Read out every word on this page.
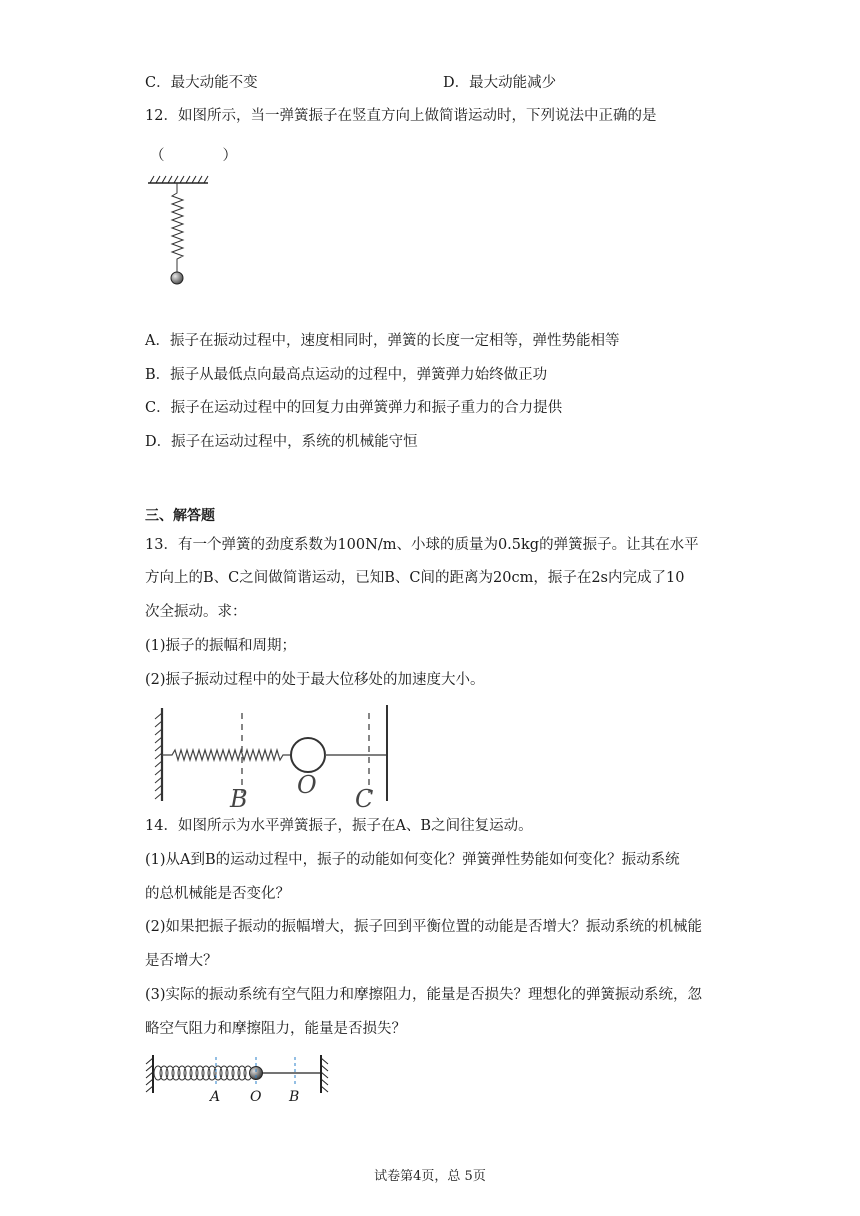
C．最大动能不变	D．最大动能减少
12．如图所示，当一弹簧振子在竖直方向上做简谐运动时，下列说法中正确的是
（　　　　）
A．振子在振动过程中，速度相同时，弹簧的长度一定相等，弹性势能相等
B．振子从最低点向最高点运动的过程中，弹簧弹力始终做正功
C．振子在运动过程中的回复力由弹簧弹力和振子重力的合力提供
D．振子在运动过程中，系统的机械能守恒
三、解答题
13．有一个弹簧的劲度系数为100N/m、小球的质量为0.5kg的弹簧振子。让其在水平
方向上的B、C之间做简谐运动，已知B、C间的距离为20cm，振子在2s内完成了10
次全振动。求：
(1)振子的振幅和周期；
(2)振子振动过程中的处于最大位移处的加速度大小。
B O C
14．如图所示为水平弹簧振子，振子在A、B之间往复运动。
(1)从A到B的运动过程中，振子的动能如何变化？弹簧弹性势能如何变化？振动系统
的总机械能是否变化？
(2)如果把振子振动的振幅增大，振子回到平衡位置的动能是否增大？振动系统的机械能
是否增大？
(3)实际的振动系统有空气阻力和摩擦阻力，能量是否损失？理想化的弹簧振动系统，忽
略空气阻力和摩擦阻力，能量是否损失？
A O B
试卷第4页，总 5页
